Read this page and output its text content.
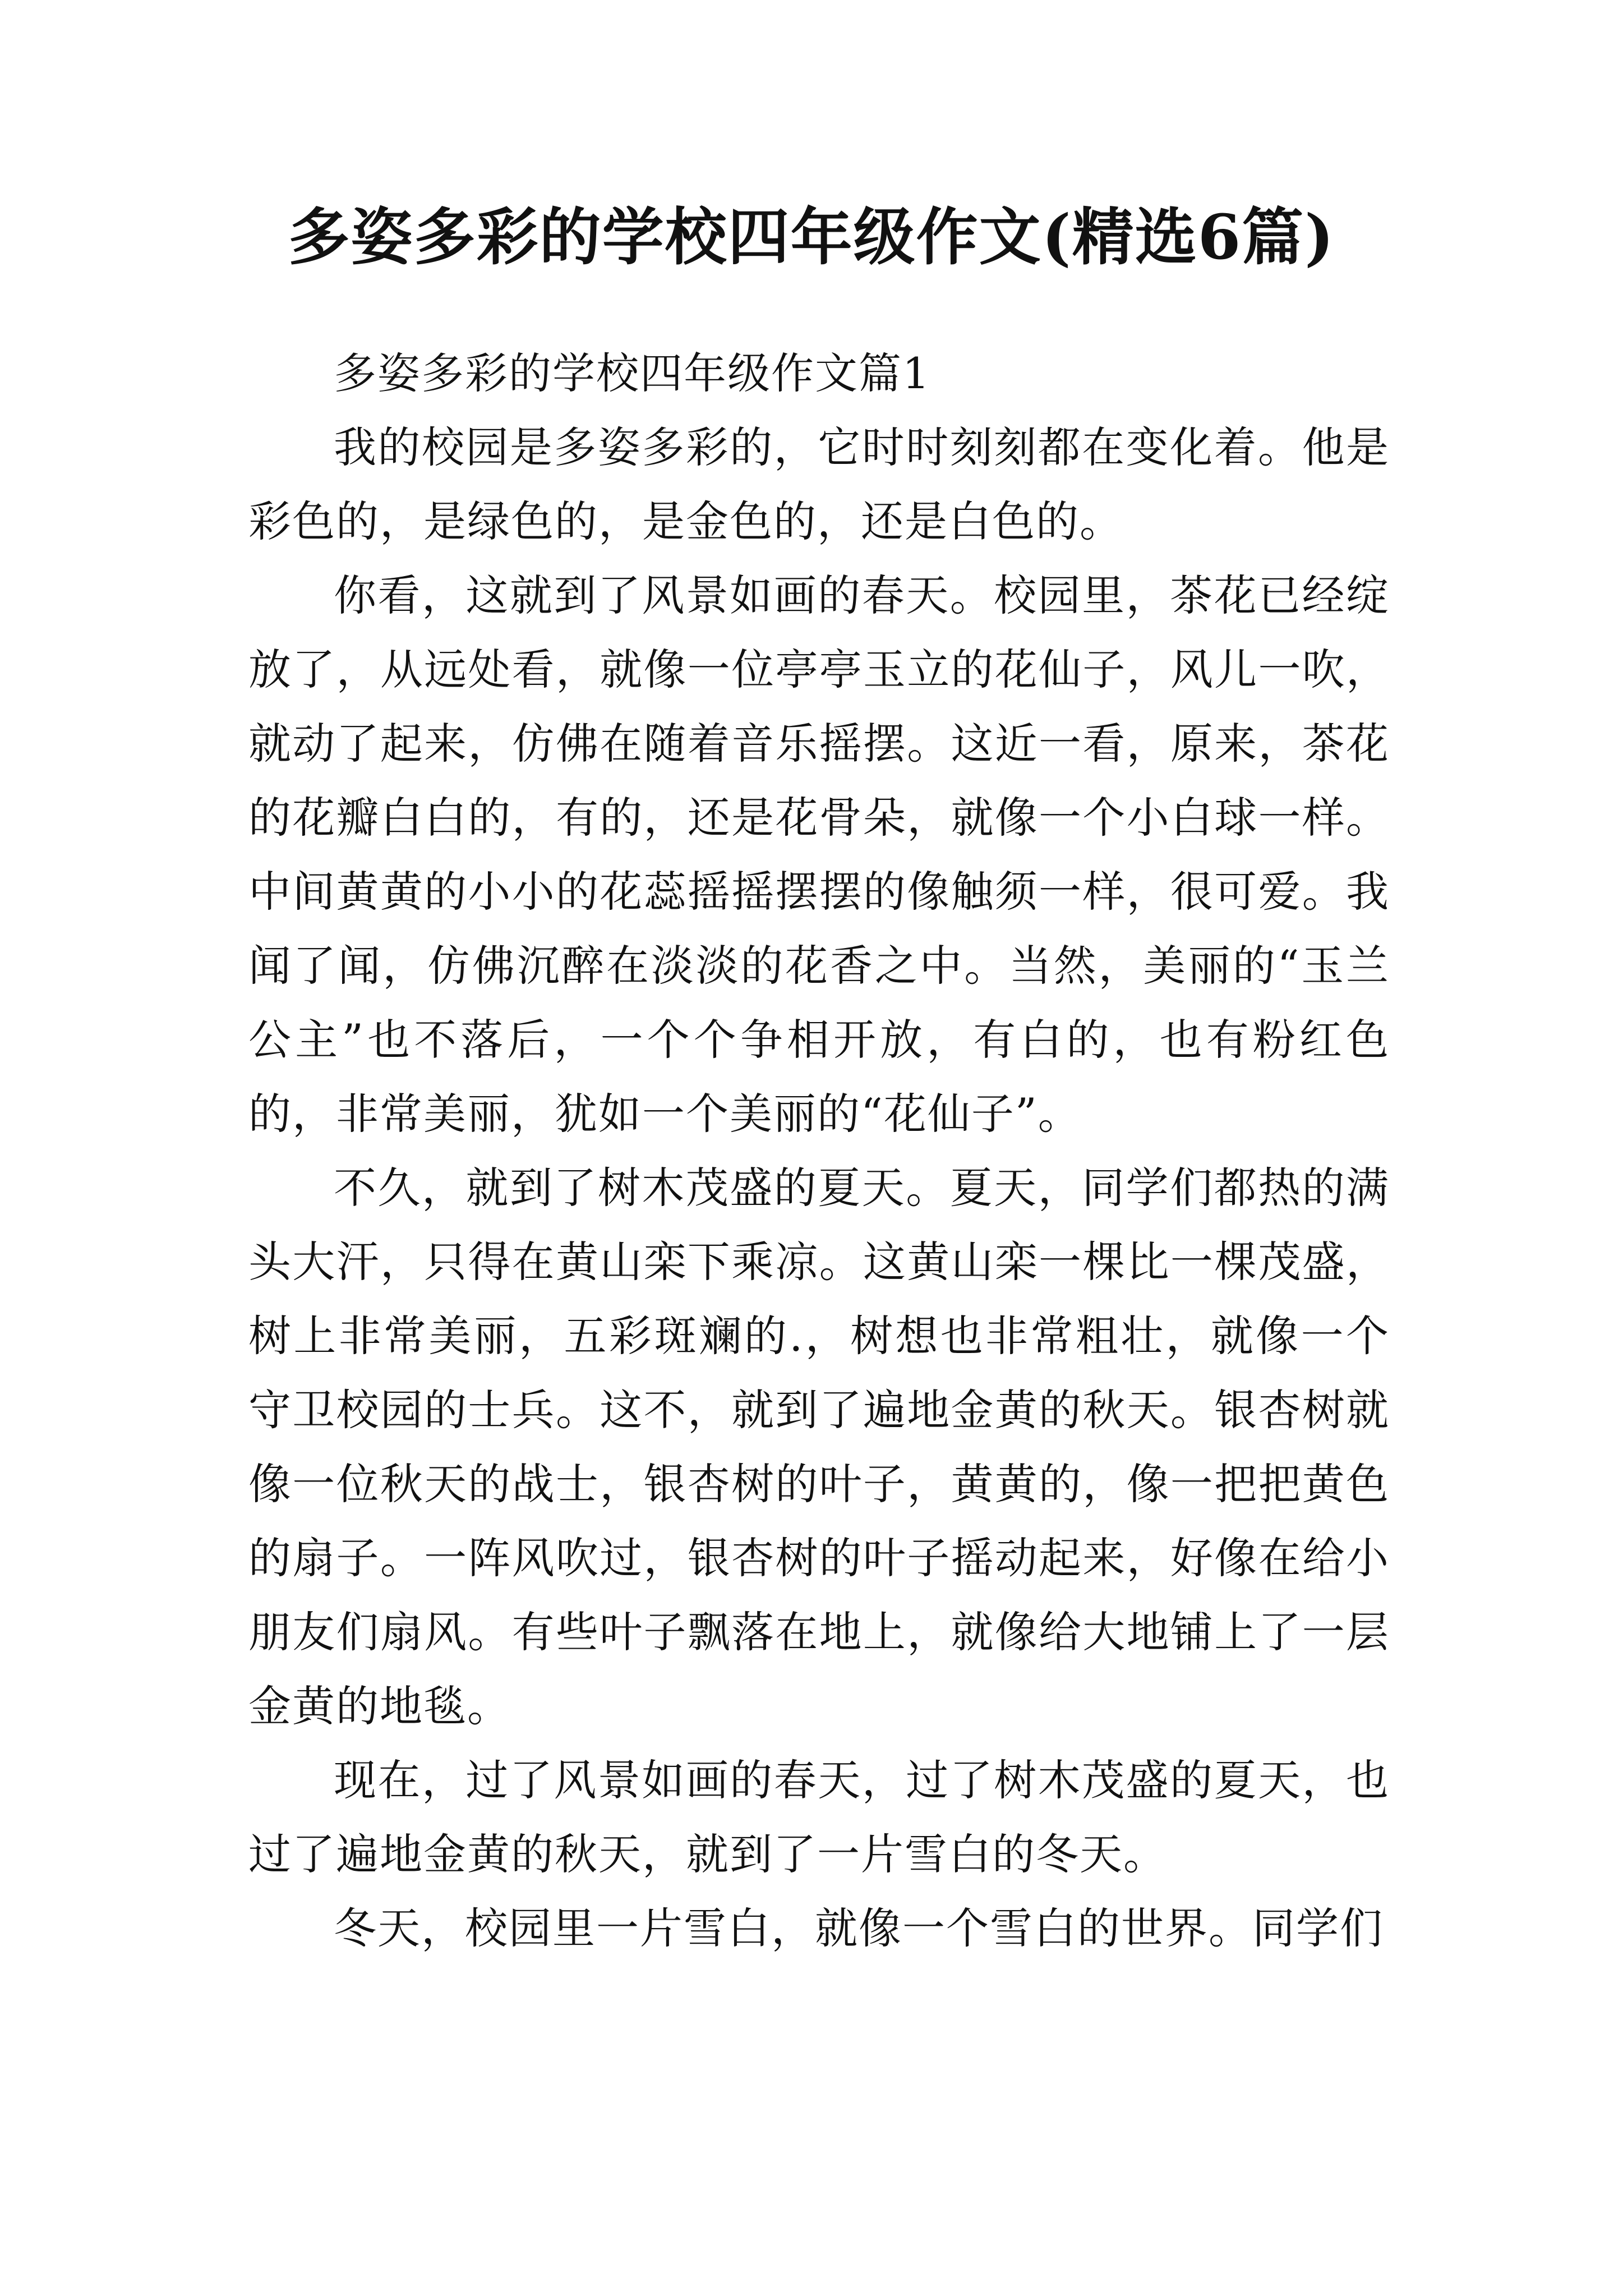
多姿多彩的学校四年级作文(精选6篇)

多姿多彩的学校四年级作文篇1

我的校园是多姿多彩的，它时时刻刻都在变化着。他是彩色的，是绿色的，是金色的，还是白色的。

你看，这就到了风景如画的春天。校园里，茶花已经绽放了，从远处看，就像一位亭亭玉立的花仙子，风儿一吹，就动了起来，仿佛在随着音乐摇摆。这近一看，原来，茶花的花瓣白白的，有的，还是花骨朵，就像一个小白球一样。中间黄黄的小小的花蕊摇摇摆摆的像触须一样，很可爱。我闻了闻，仿佛沉醉在淡淡的花香之中。当然，美丽的“玉兰公主”也不落后，一个个争相开放，有白的，也有粉红色的，非常美丽，犹如一个美丽的“花仙子”。

不久，就到了树木茂盛的夏天。夏天，同学们都热的满头大汗，只得在黄山栾下乘凉。这黄山栾一棵比一棵茂盛，树上非常美丽，五彩斑斓的.，树想也非常粗壮，就像一个守卫校园的士兵。这不，就到了遍地金黄的秋天。银杏树就像一位秋天的战士，银杏树的叶子，黄黄的，像一把把黄色的扇子。一阵风吹过，银杏树的叶子摇动起来，好像在给小朋友们扇风。有些叶子飘落在地上，就像给大地铺上了一层金黄的地毯。

现在，过了风景如画的春天，过了树木茂盛的夏天，也过了遍地金黄的秋天，就到了一片雪白的冬天。

冬天，校园里一片雪白，就像一个雪白的世界。同学们
